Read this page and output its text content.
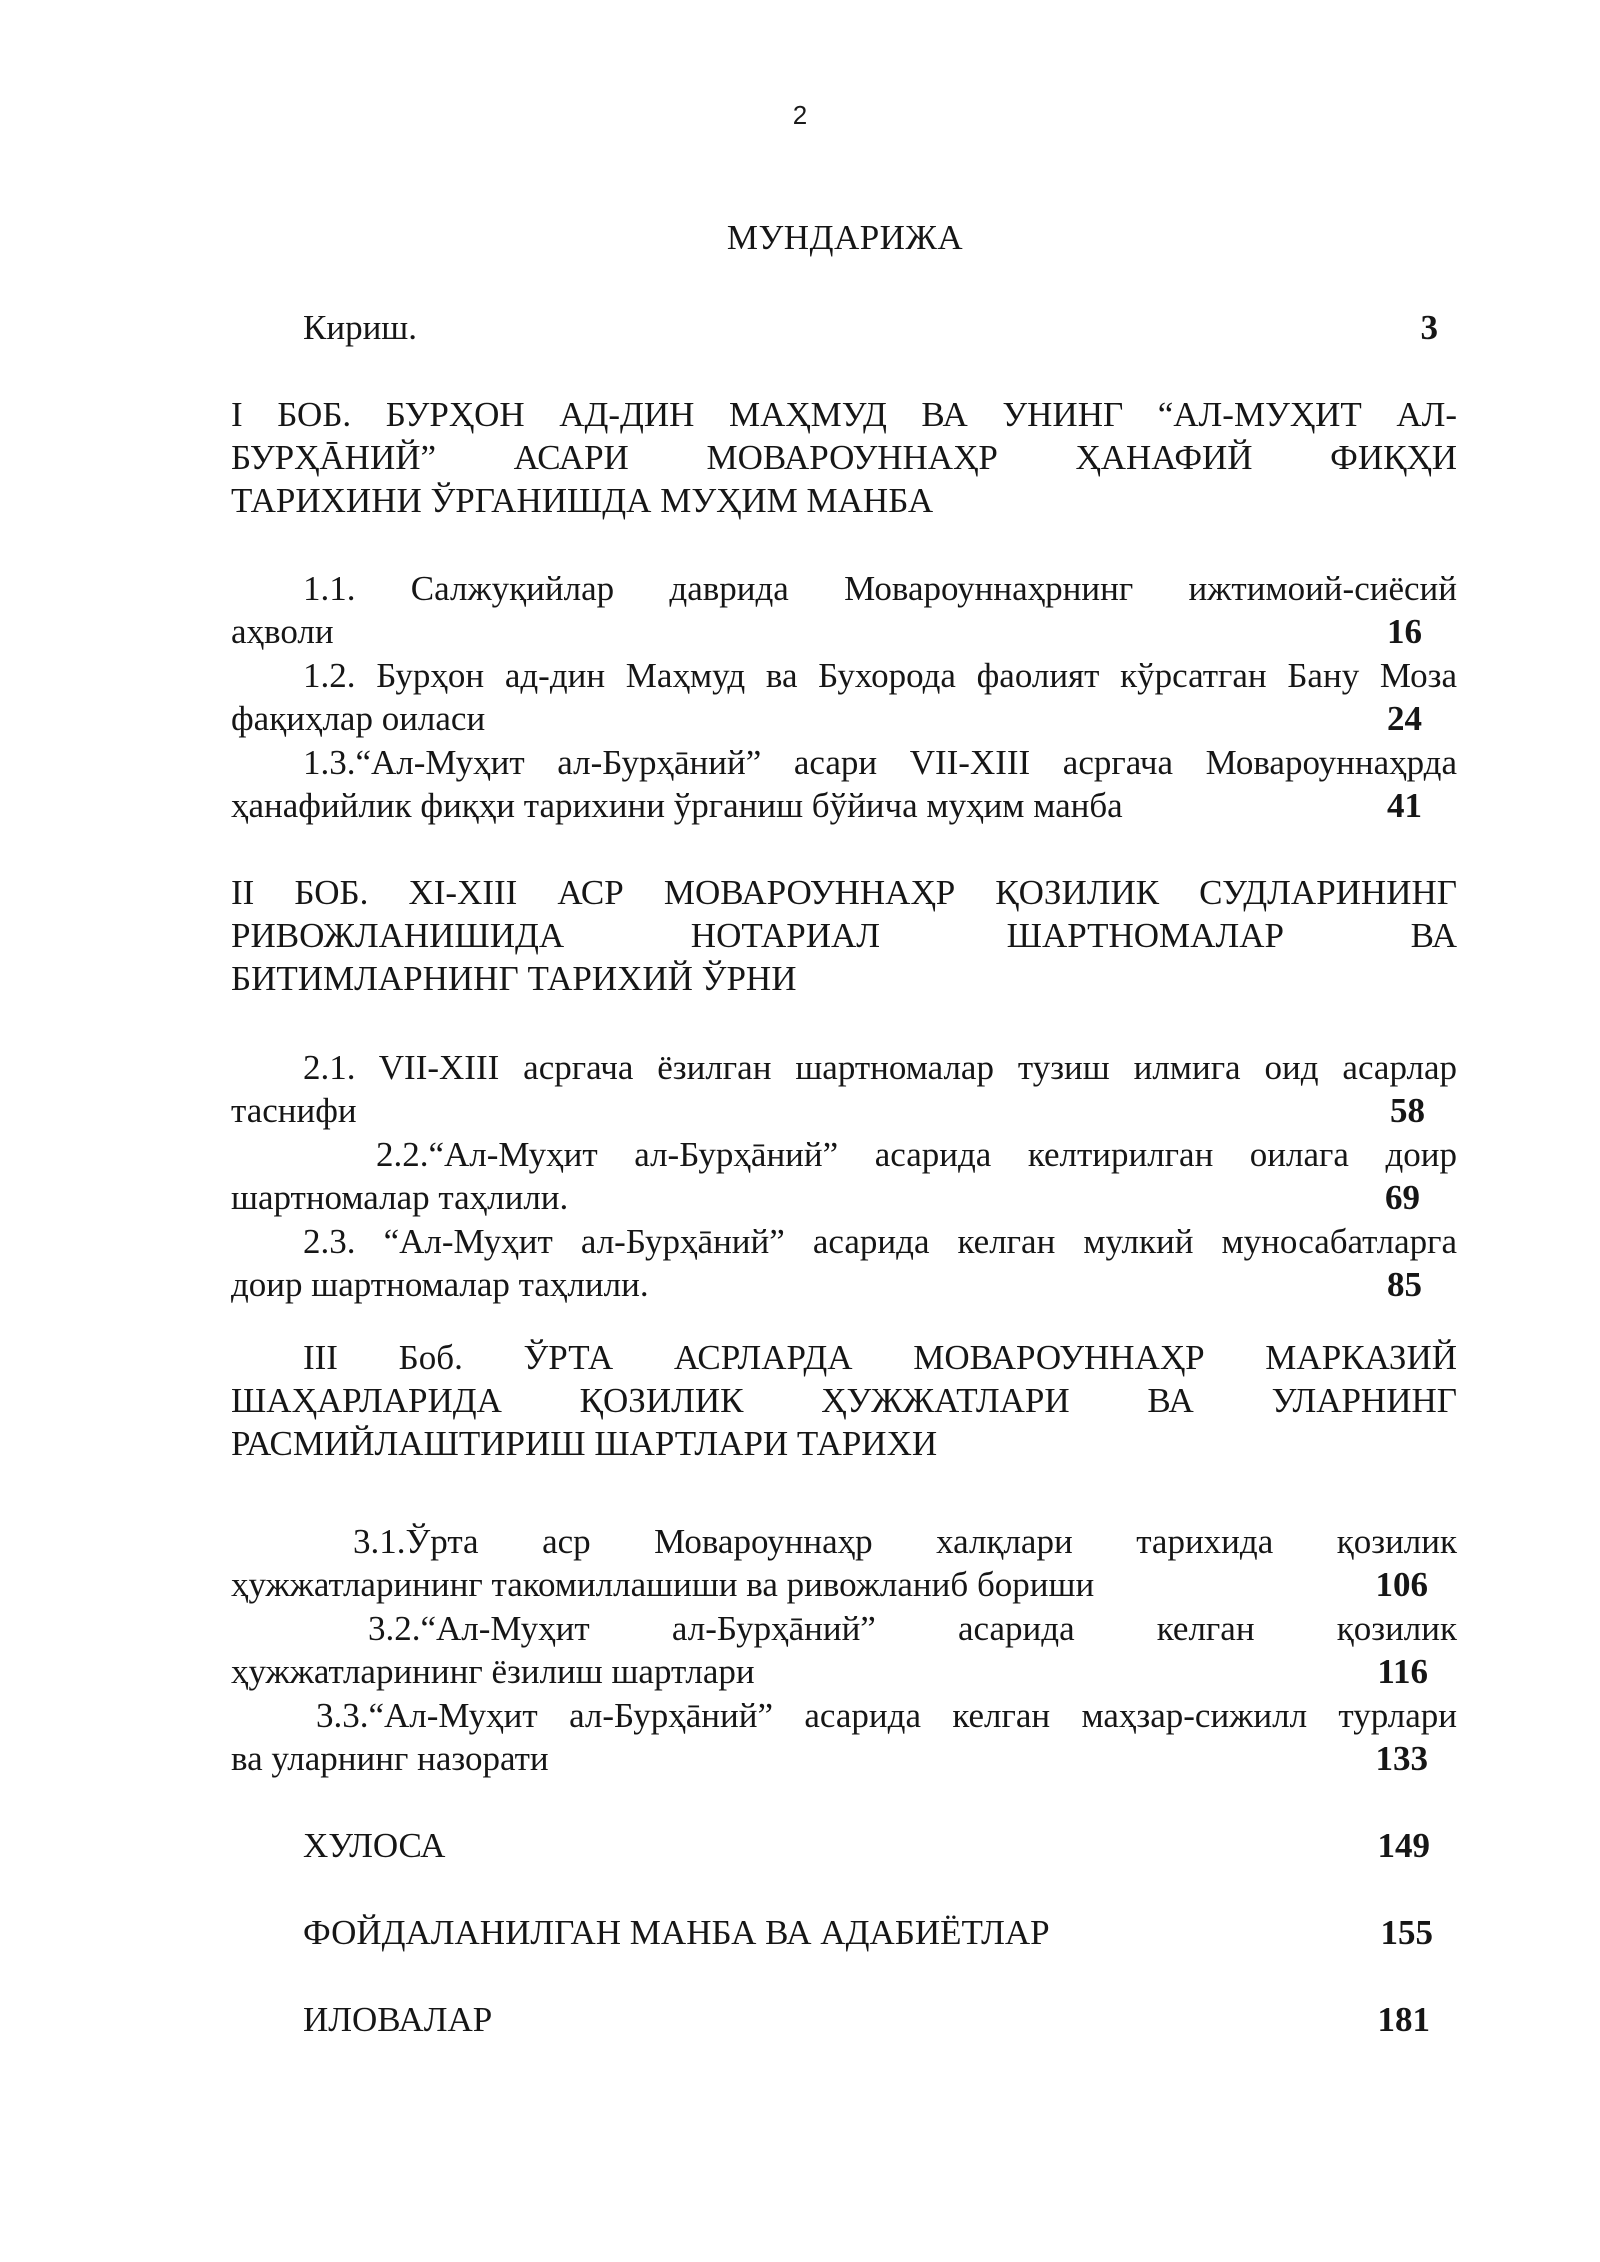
2
МУНДАРИЖА
Кириш.	3
I БОБ. БУРҲОН АД-ДИН МАҲМУД ВА УНИНГ “АЛ-МУҲИТ АЛ-
БУРҲĀНИЙ” АСАРИ МОВАРОУННАҲР ҲАНАФИЙ ФИҚҲИ
ТАРИХИНИ ЎРГАНИШДА МУҲИМ МАНБА
1.1. Салжуқийлар даврида Мовароуннаҳрнинг ижтимоий-сиёсий
аҳволи	16
1.2. Бурҳон ад-дин Маҳмуд ва Бухорода фаолият кўрсатган Бану Моза
фақиҳлар оиласи	24
1.3.“Ал-Муҳит ал-Бурҳāний” асари VII-XIII асргача Мовароуннаҳрда
ҳанафийлик фиқҳи тарихини ўрганиш бўйича муҳим манба	41
II БОБ. XI-XIII АСР МОВАРОУННАҲР ҚОЗИЛИК СУДЛАРИНИНГ
РИВОЖЛАНИШИДА НОТАРИАЛ ШАРТНОМАЛАР ВА
БИТИМЛАРНИНГ ТАРИХИЙ ЎРНИ
2.1. VII-XIII асргача ёзилган шартномалар тузиш илмига оид асарлар
таснифи	58
2.2.“Ал-Муҳит ал-Бурҳāний” асарида келтирилган оилага доир
шартномалар таҳлили.	69
2.3. “Ал-Муҳит ал-Бурҳāний” асарида келган мулкий муносабатларга
доир шартномалар таҳлили.	85
III Боб. ЎРТА АСРЛАРДА МОВАРОУННАҲР МАРКАЗИЙ
ШАҲАРЛАРИДА ҚОЗИЛИК ҲУЖЖАТЛАРИ ВА УЛАРНИНГ
РАСМИЙЛАШТИРИШ ШАРТЛАРИ ТАРИХИ
3.1.Ўрта аср Мовароуннаҳр халқлари тарихида қозилик
ҳужжатларининг такомиллашиши ва ривожланиб бориши	106
3.2.“Ал-Муҳит ал-Бурҳāний” асарида келган қозилик
ҳужжатларининг ёзилиш шартлари	116
3.3.“Ал-Муҳит ал-Бурҳāний” асарида келган маҳзар-сижилл турлари
ва уларнинг назорати	133
ХУЛОСА	149
ФОЙДАЛАНИЛГАН МАНБА ВА АДАБИЁТЛАР	155
ИЛОВАЛАР	181
